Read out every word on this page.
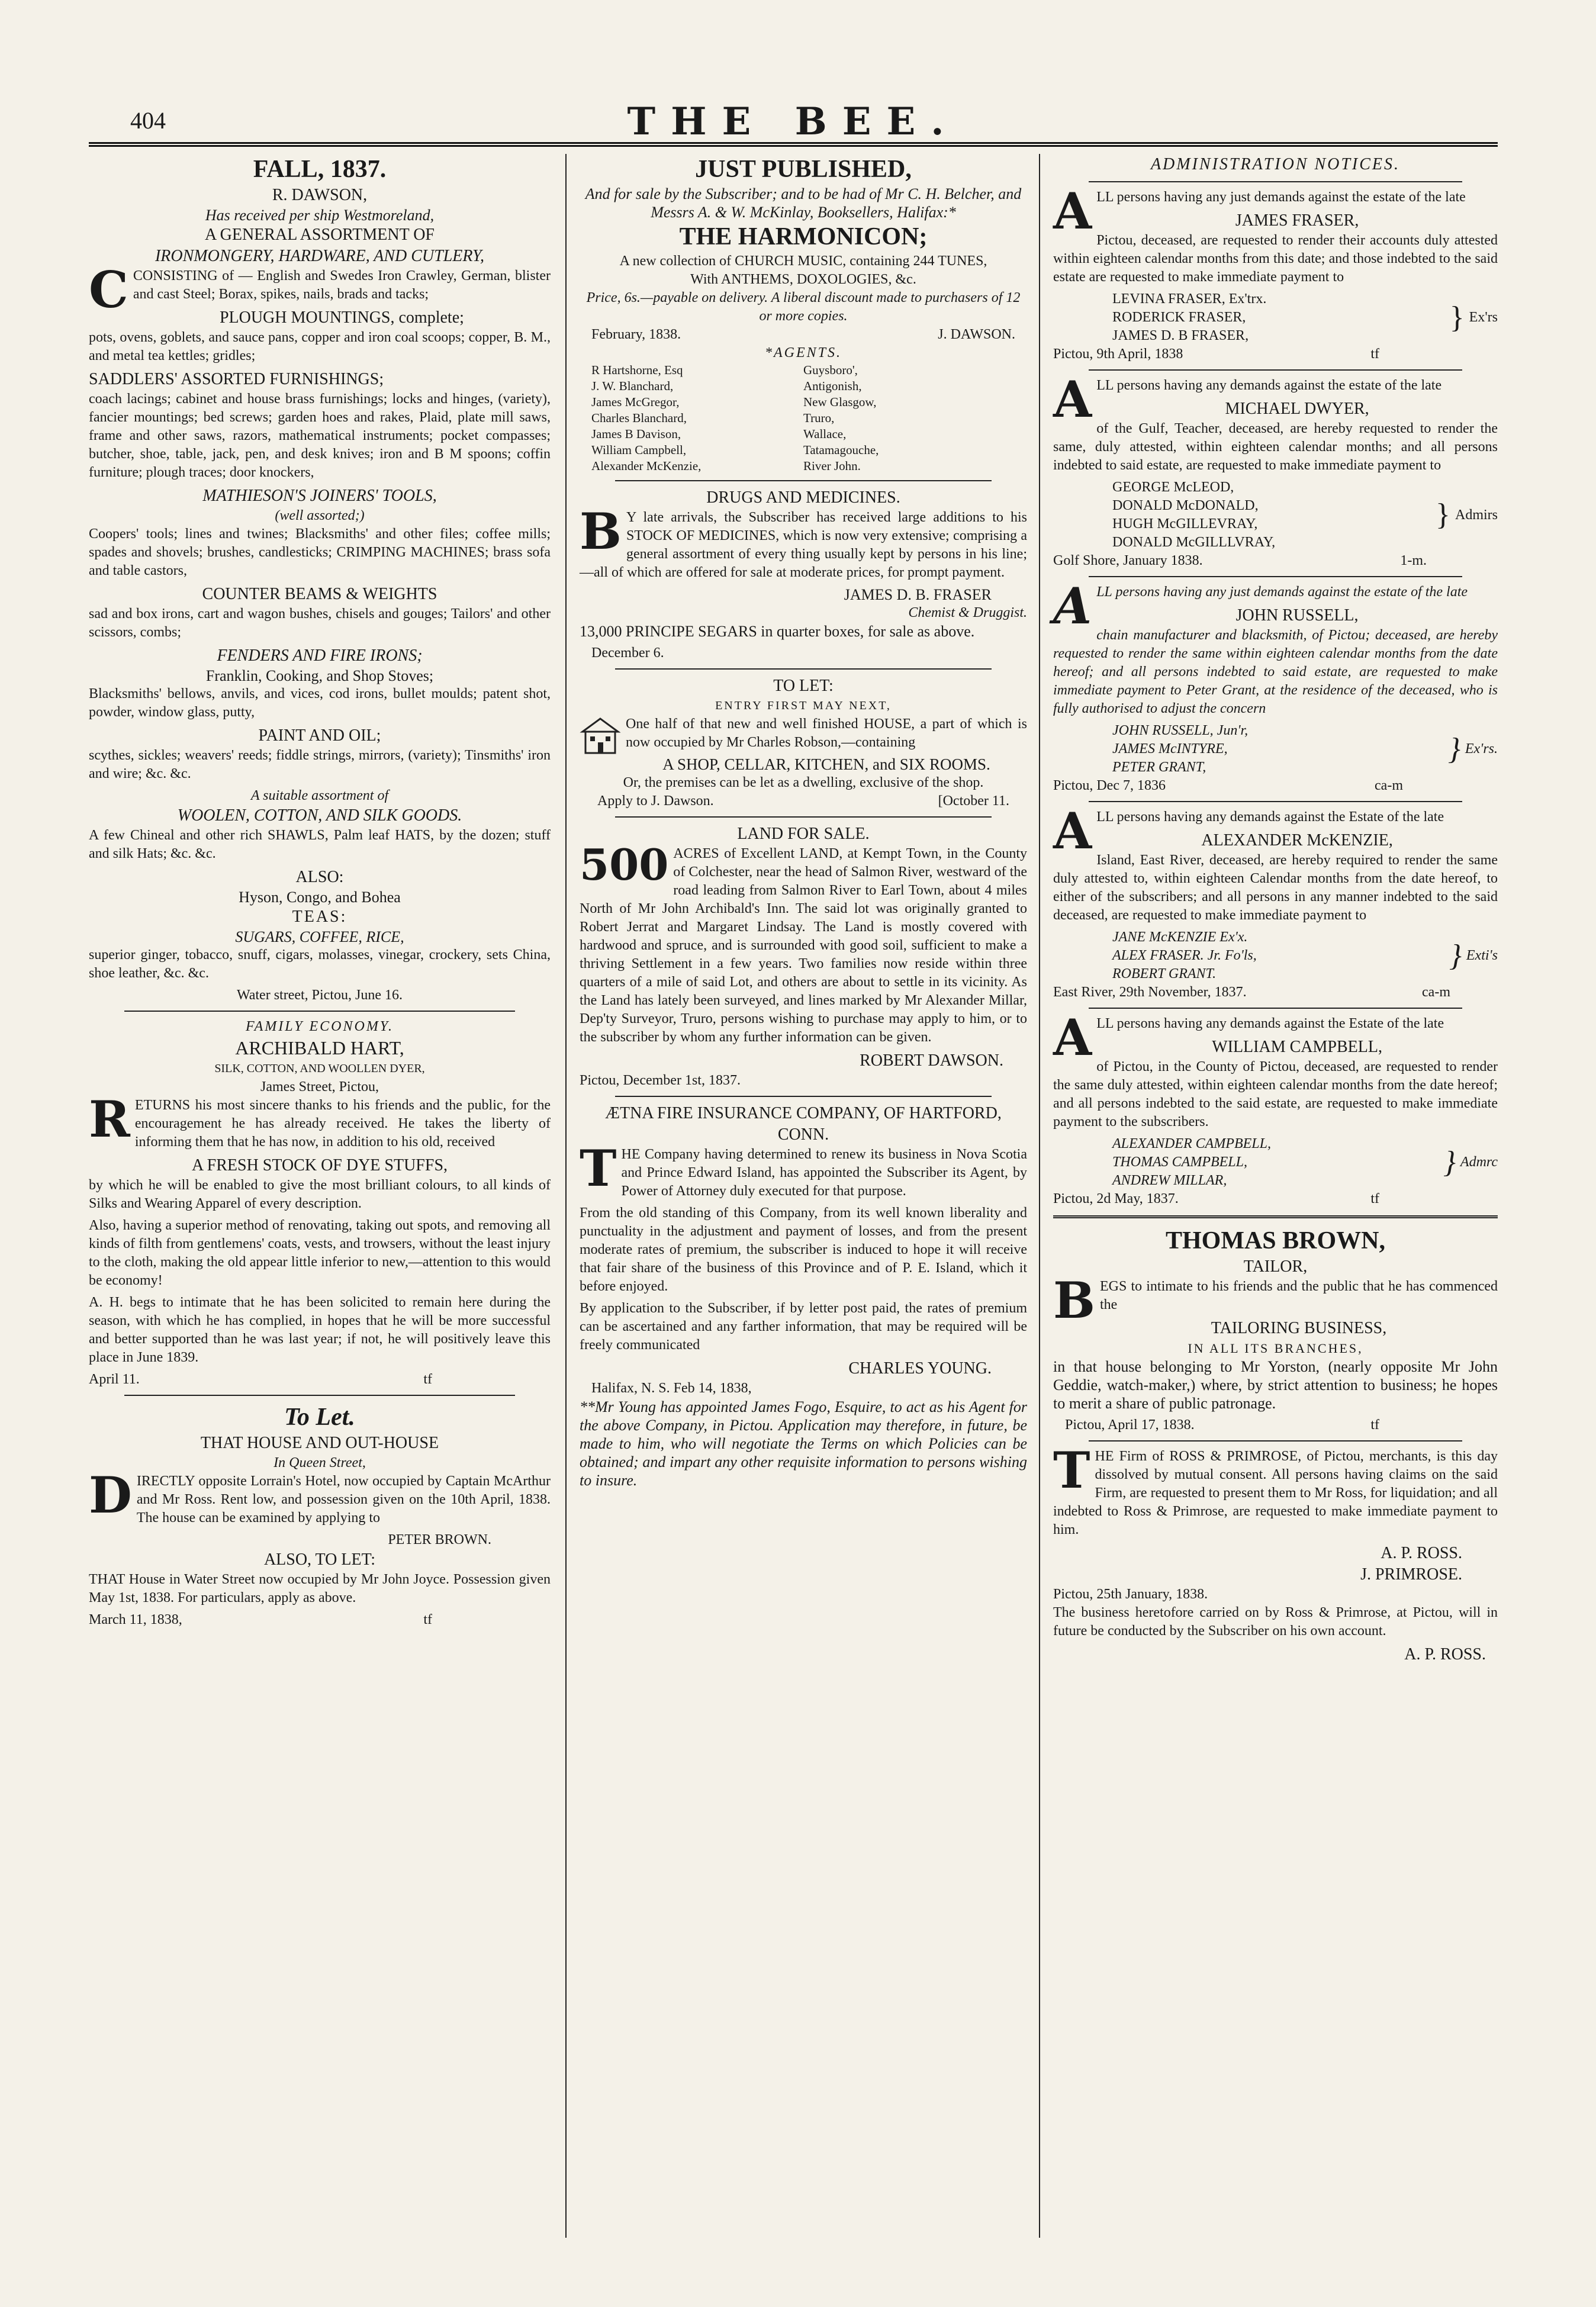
404	THE BEE.
FALL, 1837.
R. DAWSON,
Has received per ship Westmoreland,
A GENERAL ASSORTMENT OF
IRONMONGERY, HARDWARE, AND CUTLERY,

CCONSISTING of — English and Swedes Iron Crawley, German, blister and cast Steel; Borax, spikes, nails, brads and tacks;

PLOUGH MOUNTINGS, complete;

pots, ovens, goblets, and sauce pans, copper and iron coal scoops; copper, B. M., and metal tea kettles; gridles;

SADDLERS' ASSORTED FURNISHINGS;

coach lacings; cabinet and house brass furnishings; locks and hinges, (variety), fancier mountings; bed screws; garden hoes and rakes, Plaid, plate mill saws, frame and other saws, razors, mathematical instruments; pocket compasses; butcher, shoe, table, jack, pen, and desk knives; iron and B M spoons; coffin furniture; plough traces; door knockers,

MATHIESON'S JOINERS' TOOLS,
(well assorted;)

Coopers' tools; lines and twines; Blacksmiths' and other files; coffee mills; spades and shovels; brushes, candlesticks; CRIMPING MACHINES; brass sofa and table castors,

COUNTER BEAMS & WEIGHTS

sad and box irons, cart and wagon bushes, chisels and gouges; Tailors' and other scissors, combs;

FENDERS AND FIRE IRONS;
Franklin, Cooking, and Shop Stoves;

Blacksmiths' bellows, anvils, and vices, cod irons, bullet moulds; patent shot, powder, window glass, putty,

PAINT AND OIL;

scythes, sickles; weavers' reeds; fiddle strings, mirrors, (variety); Tinsmiths' iron and wire; &c. &c.

A suitable assortment of
WOOLEN, COTTON, AND SILK GOODS.

A few Chineal and other rich SHAWLS, Palm leaf HATS, by the dozen; stuff and silk Hats; &c. &c.

ALSO:
Hyson, Congo, and Bohea
TEAS:
SUGARS, COFFEE, RICE,

superior ginger, tobacco, snuff, cigars, molasses, vinegar, crockery, sets China, shoe leather, &c. &c.

Water street, Pictou, June 16.
FAMILY ECONOMY.
ARCHIBALD HART,
SILK, COTTON, AND WOOLLEN DYER,
James Street, Pictou,

RETURNS his most sincere thanks to his friends and the public, for the encouragement he has already received. He takes the liberty of informing them that he has now, in addition to his old, received

A FRESH STOCK OF DYE STUFFS,

by which he will be enabled to give the most brilliant colours, to all kinds of Silks and Wearing Apparel of every description.

Also, having a superior method of renovating, taking out spots, and removing all kinds of filth from gentlemens' coats, vests, and trowsers, without the least injury to the cloth, making the old appear little inferior to new,—attention to this would be economy!

A. H. begs to intimate that he has been solicited to remain here during the season, with which he has complied, in hopes that he will be more successful and better supported than he was last year; if not, he will positively leave this place in June 1839.

April 11.	tf
To Let.
THAT HOUSE AND OUT-HOUSE
In Queen Street,

DIRECTLY opposite Lorrain's Hotel, now occupied by Captain McArthur and Mr Ross. Rent low, and possession given on the 10th April, 1838. The house can be examined by applying to

PETER BROWN.
ALSO, TO LET:

THAT House in Water Street now occupied by Mr John Joyce. Possession given May 1st, 1838. For particulars, apply as above.

March 11, 1838,	tf
JUST PUBLISHED,
And for sale by the Subscriber; and to be had of Mr C. H. Belcher, and Messrs A. & W. McKinlay, Booksellers, Halifax:*
THE HARMONICON;
A new collection of CHURCH MUSIC, containing 244 TUNES,
With ANTHEMS, DOXOLOGIES, &c.
Price, 6s.—payable on delivery. A liberal discount made to purchasers of 12 or more copies.
February, 1838.	J. DAWSON.
*AGENTS.
R Hartshorne, Esq	Guysboro',
J. W. Blanchard,	Antigonish,
James McGregor,	New Glasgow,
Charles Blanchard,	Truro,
James B Davison,	Wallace,
William Campbell,	Tatamagouche,
Alexander McKenzie,	River John.
DRUGS AND MEDICINES.

B Y late arrivals, the Subscriber has received large additions to his STOCK OF MEDICINES, which is now very extensive; comprising a general assortment of every thing usually kept by persons in his line;—all of which are offered for sale at moderate prices, for prompt payment.

JAMES D. B. FRASER
Chemist & Druggist.

13,000 PRINCIPE SEGARS in quarter boxes, for sale as above.

December 6.
TO LET:
ENTRY FIRST MAY NEXT,

One half of that new and well finished HOUSE, a part of which is now occupied by Mr Charles Robson,—containing

A SHOP, CELLAR, KITCHEN, and SIX ROOMS.
Or, the premises can be let as a dwelling, exclusive of the shop.
Apply to J. Dawson.	[October 11.
LAND FOR SALE.

500 ACRES of Excellent LAND, at Kempt Town, in the County of Colchester, near the head of Salmon River, westward of the road leading from Salmon River to Earl Town, about 4 miles North of Mr John Archibald's Inn. The said lot was originally granted to Robert Jerrat and Margaret Lindsay. The Land is mostly covered with hardwood and spruce, and is surrounded with good soil, sufficient to make a thriving Settlement in a few years. Two families now reside within three quarters of a mile of said Lot, and others are about to settle in its vicinity. As the Land has lately been surveyed, and lines marked by Mr Alexander Millar, Dep'ty Surveyor, Truro, persons wishing to purchase may apply to him, or to the subscriber by whom any further information can be given.

ROBERT DAWSON.
Pictou, December 1st, 1837.
ÆTNA FIRE INSURANCE COMPANY, OF HARTFORD, CONN.

THE Company having determined to renew its business in Nova Scotia and Prince Edward Island, has appointed the Subscriber its Agent, by Power of Attorney duly executed for that purpose.

From the old standing of this Company, from its well known liberality and punctuality in the adjustment and payment of losses, and from the present moderate rates of premium, the subscriber is induced to hope it will receive that fair share of the business of this Province and of P. E. Island, which it before enjoyed.

By application to the Subscriber, if by letter post paid, the rates of premium can be ascertained and any farther information, that may be required will be freely communicated

CHARLES YOUNG.
Halifax, N. S. Feb 14, 1838,

**Mr Young has appointed James Fogo, Esquire, to act as his Agent for the above Company, in Pictou. Application may therefore, in future, be made to him, who will negotiate the Terms on which Policies can be obtained; and impart any other requisite information to persons wishing to insure.

ADMINISTRATION NOTICES.

ALL persons having any just demands against the estate of the late

JAMES FRASER,

Pictou, deceased, are requested to render their accounts duly attested within eighteen calendar months from this date; and those indebted to the said estate are requested to make immediate payment to

LEVINA FRASER, Ex'trx.
RODERICK FRASER,
JAMES D. B FRASER,
} Ex'rs
Pictou, 9th April, 1838	tf

ALL persons having any demands against the estate of the late

MICHAEL DWYER,

of the Gulf, Teacher, deceased, are hereby requested to render the same, duly attested, within eighteen calendar months; and all persons indebted to said estate, are requested to make immediate payment to

GEORGE McLEOD,
DONALD McDONALD,
HUGH McGILLEVRAY,
DONALD McGILLLVRAY,
} Admirs
Golf Shore, January 1838.	1-m.

ALL persons having any just demands against the estate of the late

JOHN RUSSELL,

chain manufacturer and blacksmith, of Pictou; deceased, are hereby requested to render the same within eighteen calendar months from the date hereof; and all persons indebted to said estate, are requested to make immediate payment to Peter Grant, at the residence of the deceased, who is fully authorised to adjust the concern

JOHN RUSSELL, Jun'r,
JAMES McINTYRE,
PETER GRANT,
} Ex'rs.
Pictou, Dec 7, 1836	ca-m

ALL persons having any demands against the Estate of the late

ALEXANDER McKENZIE,

Island, East River, deceased, are hereby required to render the same duly attested to, within eighteen Calendar months from the date hereof, to either of the subscribers; and all persons in any manner indebted to the said deceased, are requested to make immediate payment to

JANE McKENZIE Ex'x.
ALEX FRASER. Jr. Fo'ls,
ROBERT GRANT.
} Exti's
East River, 29th November, 1837.	ca-m

ALL persons having any demands against the Estate of the late

WILLIAM CAMPBELL,

of Pictou, in the County of Pictou, deceased, are requested to render the same duly attested, within eighteen calendar months from the date hereof; and all persons indebted to the said estate, are requested to make immediate payment to the subscribers.

ALEXANDER CAMPBELL,
THOMAS CAMPBELL,
ANDREW MILLAR,
} Admrc
Pictou, 2d May, 1837.	tf
THOMAS BROWN,
TAILOR,

BEGS to intimate to his friends and the public that he has commenced the

TAILORING BUSINESS,
IN ALL ITS BRANCHES,

in that house belonging to Mr Yorston, (nearly opposite Mr John Geddie, watch-maker,) where, by strict attention to business; he hopes to merit a share of public patronage.

Pictou, April 17, 1838.	tf

THE Firm of ROSS & PRIMROSE, of Pictou, merchants, is this day dissolved by mutual consent. All persons having claims on the said Firm, are requested to present them to Mr Ross, for liquidation; and all indebted to Ross & Primrose, are requested to make immediate payment to him.

A. P. ROSS.
J. PRIMROSE.
Pictou, 25th January, 1838.

The business heretofore carried on by Ross & Primrose, at Pictou, will in future be conducted by the Subscriber on his own account.

A. P. ROSS.
